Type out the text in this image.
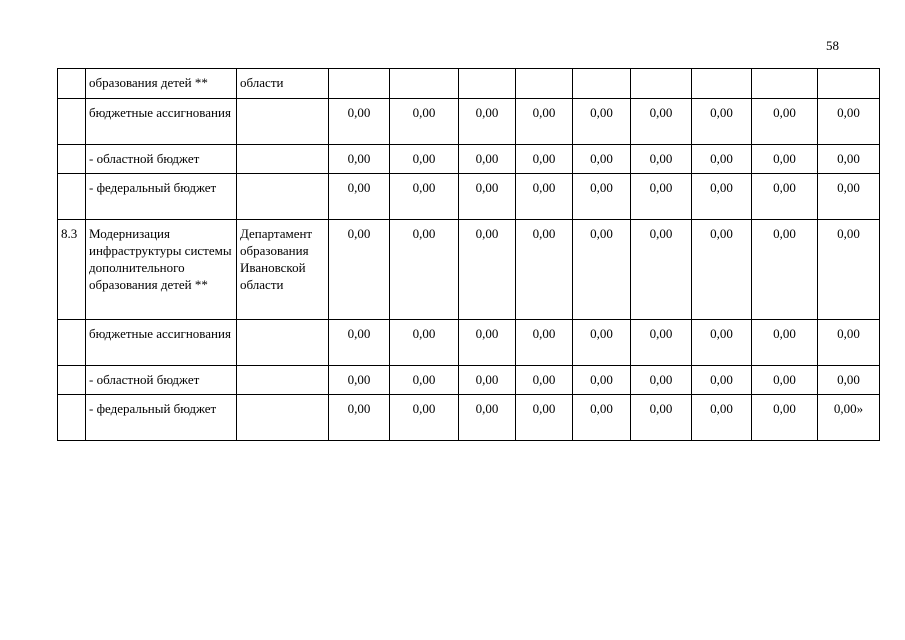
58
	образования детей **	области									
	бюджетные ассигнования		0,00	0,00	0,00	0,00	0,00	0,00	0,00	0,00	0,00
	- областной бюджет		0,00	0,00	0,00	0,00	0,00	0,00	0,00	0,00	0,00
	- федеральный бюджет		0,00	0,00	0,00	0,00	0,00	0,00	0,00	0,00	0,00
8.3	Модернизация инфраструктуры системы дополнительного образования детей **	Департамент образования Ивановской области	0,00	0,00	0,00	0,00	0,00	0,00	0,00	0,00	0,00
	бюджетные ассигнования		0,00	0,00	0,00	0,00	0,00	0,00	0,00	0,00	0,00
	- областной бюджет		0,00	0,00	0,00	0,00	0,00	0,00	0,00	0,00	0,00
	- федеральный бюджет		0,00	0,00	0,00	0,00	0,00	0,00	0,00	0,00	0,00»
